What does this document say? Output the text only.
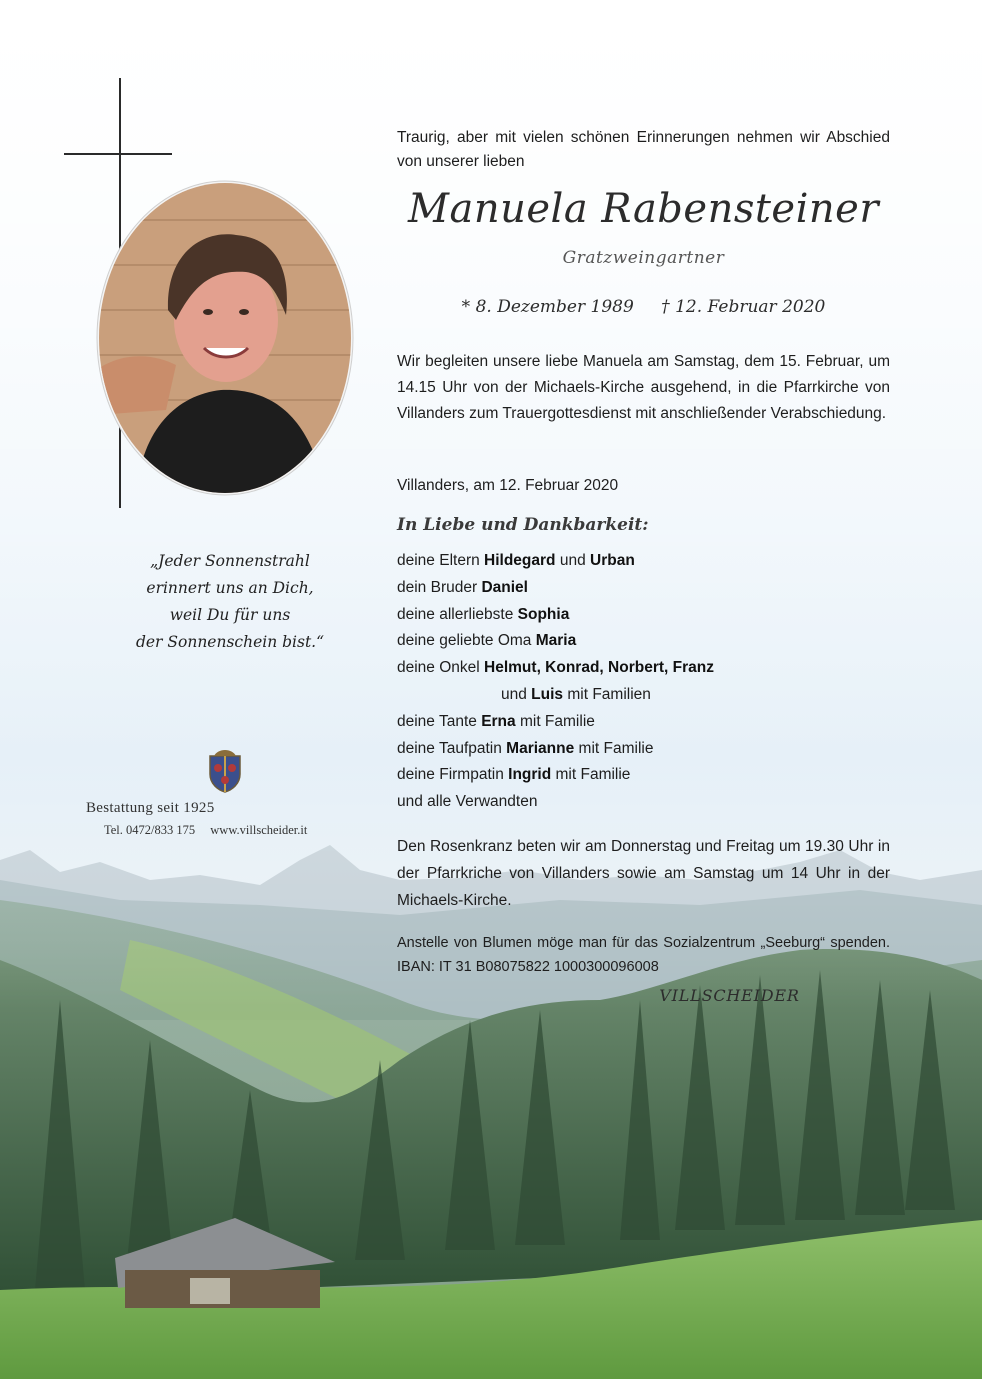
„Jeder Sonnenstrahl
erinnert uns an Dich,
weil Du für uns
der Sonnenschein bist.“
VILLSCHEIDER
Bestattung seit 1925
Tel. 0472/833 175 www.villscheider.it
Traurig, aber mit vielen schönen Erinnerungen nehmen wir Abschied von unserer lieben
Manuela Rabensteiner
Gratzweingartner
* 8. Dezember 1989 † 12. Februar 2020
Wir begleiten unsere liebe Manuela am Samstag, dem 15. Februar, um 14.15 Uhr von der Michaels-Kirche ausgehend, in die Pfarrkirche von Villanders zum Trauergottesdienst mit anschließender Verabschiedung.
Villanders, am 12. Februar 2020
In Liebe und Dankbarkeit:
deine Eltern Hildegard und Urban
dein Bruder Daniel
deine allerliebste Sophia
deine geliebte Oma Maria
deine Onkel Helmut, Konrad, Norbert, Franz
und Luis mit Familien
deine Tante Erna mit Familie
deine Taufpatin Marianne mit Familie
deine Firmpatin Ingrid mit Familie
und alle Verwandten
Den Rosenkranz beten wir am Donnerstag und Freitag um 19.30 Uhr in der Pfarrkriche von Villanders sowie am Samstag um 14 Uhr in der Michaels-Kirche.
Anstelle von Blumen möge man für das Sozialzentrum „Seeburg“ spenden. IBAN: IT 31 B08075822 1000300096008
